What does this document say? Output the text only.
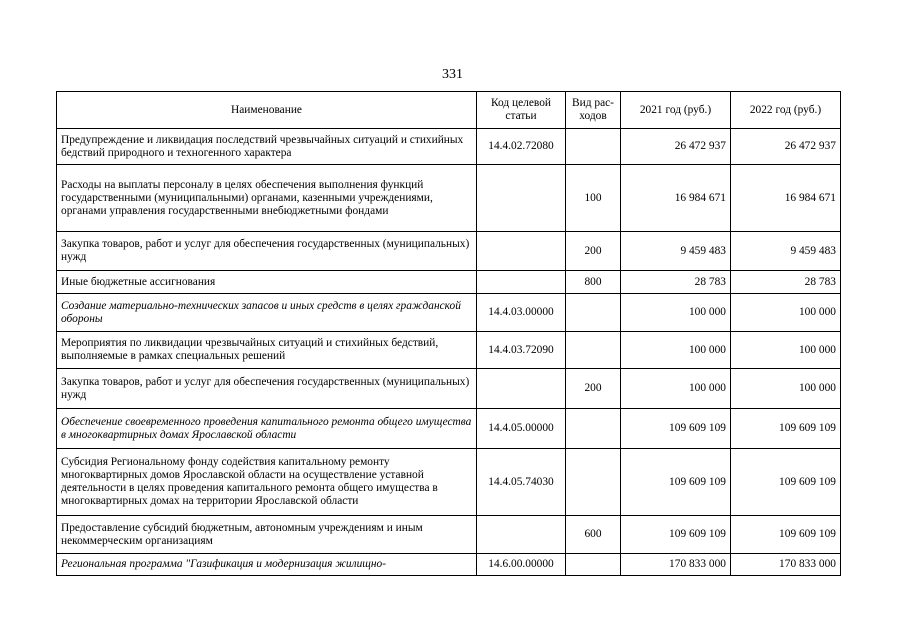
331
Наименование	Код целевой статьи	Вид рас-ходов	2021 год (руб.)	2022 год (руб.)
Предупреждение и ликвидация последствий чрезвычайных ситуаций и стихийных бедствий природного и техногенного характера	14.4.02.72080		26 472 937	26 472 937
Расходы на выплаты персоналу в целях обеспечения выполнения функций государственными (муниципальными) органами, казенными учреждениями, органами управления государственными внебюджетными фондами		100	16 984 671	16 984 671
Закупка товаров, работ и услуг для обеспечения государственных (муниципальных) нужд		200	9 459 483	9 459 483
Иные бюджетные ассигнования		800	28 783	28 783
Создание материально-технических запасов и иных средств в целях гражданской обороны	14.4.03.00000		100 000	100 000
Мероприятия по ликвидации чрезвычайных ситуаций и стихийных бедствий, выполняемые в рамках специальных решений	14.4.03.72090		100 000	100 000
Закупка товаров, работ и услуг для обеспечения государственных (муниципальных) нужд		200	100 000	100 000
Обеспечение своевременного проведения капитального ремонта общего имущества в многоквартирных домах Ярославской области	14.4.05.00000		109 609 109	109 609 109
Субсидия Региональному фонду содействия капитальному ремонту многоквартирных домов Ярославской области на осуществление уставной деятельности в целях проведения капитального ремонта общего имущества в многоквартирных домах на территории Ярославской области	14.4.05.74030		109 609 109	109 609 109
Предоставление субсидий бюджетным, автономным учреждениям и иным некоммерческим организациям		600	109 609 109	109 609 109
Региональная программа "Газификация и модернизация жилищно-	14.6.00.00000		170 833 000	170 833 000
